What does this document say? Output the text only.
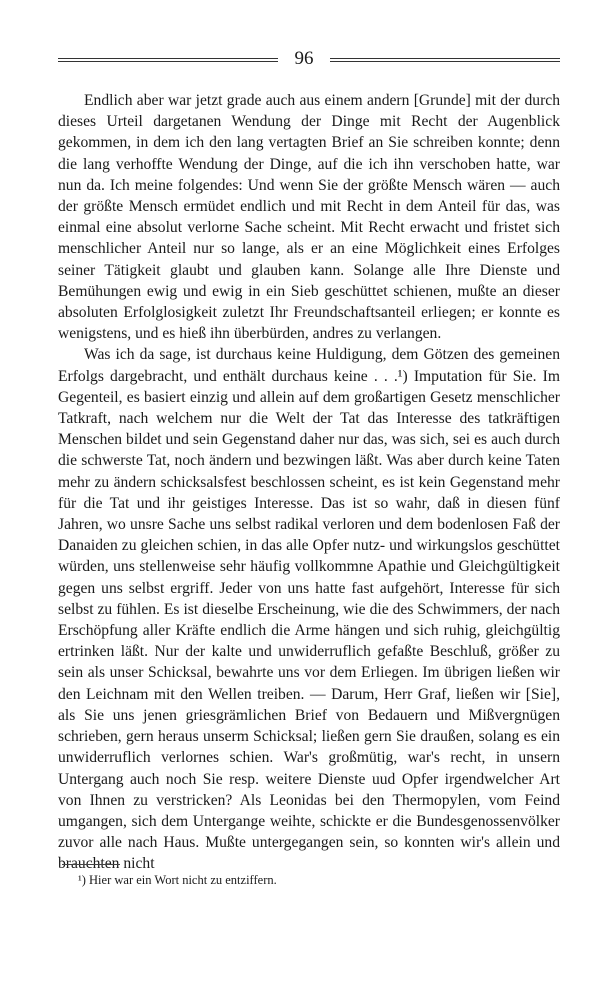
96

Endlich aber war jetzt grade auch aus einem andern [Grunde] mit der durch dieses Urteil dargetanen Wendung der Dinge mit Recht der Augenblick gekommen, in dem ich den lang vertagten Brief an Sie schreiben konnte; denn die lang verhoffte Wendung der Dinge, auf die ich ihn verschoben hatte, war nun da. Ich meine folgendes: Und wenn Sie der größte Mensch wären — auch der größte Mensch ermüdet endlich und mit Recht in dem Anteil für das, was einmal eine absolut verlorne Sache scheint. Mit Recht erwacht und fristet sich menschlicher Anteil nur so lange, als er an eine Möglichkeit eines Erfolges seiner Tätigkeit glaubt und glauben kann. Solange alle Ihre Dienste und Bemühungen ewig und ewig in ein Sieb geschüttet schienen, mußte an dieser absoluten Erfolglosigkeit zuletzt Ihr Freundschaftsanteil erliegen; er konnte es wenigstens, und es hieß ihn überbürden, andres zu verlangen.

Was ich da sage, ist durchaus keine Huldigung, dem Götzen des gemeinen Erfolgs dargebracht, und enthält durchaus keine . . .¹) Imputation für Sie. Im Gegenteil, es basiert einzig und allein auf dem großartigen Gesetz menschlicher Tatkraft, nach welchem nur die Welt der Tat das Interesse des tatkräftigen Menschen bildet und sein Gegenstand daher nur das, was sich, sei es auch durch die schwerste Tat, noch ändern und bezwingen läßt. Was aber durch keine Taten mehr zu ändern schicksalsfest beschlossen scheint, es ist kein Gegenstand mehr für die Tat und ihr geistiges Interesse. Das ist so wahr, daß in diesen fünf Jahren, wo unsre Sache uns selbst radikal verloren und dem bodenlosen Faß der Danaiden zu gleichen schien, in das alle Opfer nutz- und wirkungslos geschüttet würden, uns stellenweise sehr häufig vollkommne Apathie und Gleichgültigkeit gegen uns selbst ergriff. Jeder von uns hatte fast aufgehört, Interesse für sich selbst zu fühlen. Es ist dieselbe Erscheinung, wie die des Schwimmers, der nach Erschöpfung aller Kräfte endlich die Arme hängen und sich ruhig, gleichgültig ertrinken läßt. Nur der kalte und unwiderruflich gefaßte Beschluß, größer zu sein als unser Schicksal, bewahrte uns vor dem Erliegen. Im übrigen ließen wir den Leichnam mit den Wellen treiben. — Darum, Herr Graf, ließen wir [Sie], als Sie uns jenen griesgrämlichen Brief von Bedauern und Mißvergnügen schrieben, gern heraus unserm Schicksal; ließen gern Sie draußen, solang es ein unwiderruflich verlornes schien. War's großmütig, war's recht, in unsern Untergang auch noch Sie resp. weitere Dienste uud Opfer irgendwelcher Art von Ihnen zu verstricken? Als Leonidas bei den Thermopylen, vom Feind umgangen, sich dem Untergange weihte, schickte er die Bundesgenossenvölker zuvor alle nach Haus. Mußte untergegangen sein, so konnten wir's allein und brauchten nicht

¹) Hier war ein Wort nicht zu entziffern.
